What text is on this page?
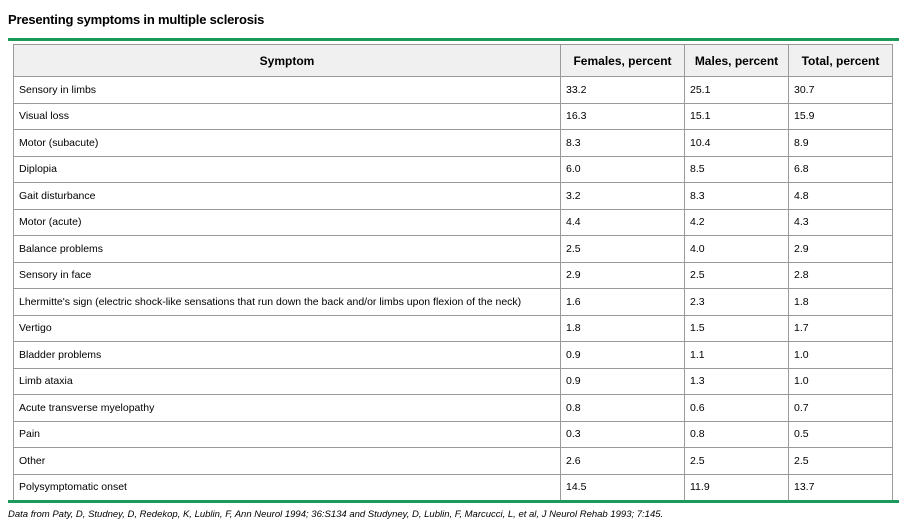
Presenting symptoms in multiple sclerosis
Symptom	Females, percent	Males, percent	Total, percent
Sensory in limbs	33.2	25.1	30.7
Visual loss	16.3	15.1	15.9
Motor (subacute)	8.3	10.4	8.9
Diplopia	6.0	8.5	6.8
Gait disturbance	3.2	8.3	4.8
Motor (acute)	4.4	4.2	4.3
Balance problems	2.5	4.0	2.9
Sensory in face	2.9	2.5	2.8
Lhermitte's sign (electric shock-like sensations that run down the back and/or limbs upon flexion of the neck)	1.6	2.3	1.8
Vertigo	1.8	1.5	1.7
Bladder problems	0.9	1.1	1.0
Limb ataxia	0.9	1.3	1.0
Acute transverse myelopathy	0.8	0.6	0.7
Pain	0.3	0.8	0.5
Other	2.6	2.5	2.5
Polysymptomatic onset	14.5	11.9	13.7
Data from Paty, D, Studney, D, Redekop, K, Lublin, F, Ann Neurol 1994; 36:S134 and Studyney, D, Lublin, F, Marcucci, L, et al, J Neurol Rehab 1993; 7:145.
